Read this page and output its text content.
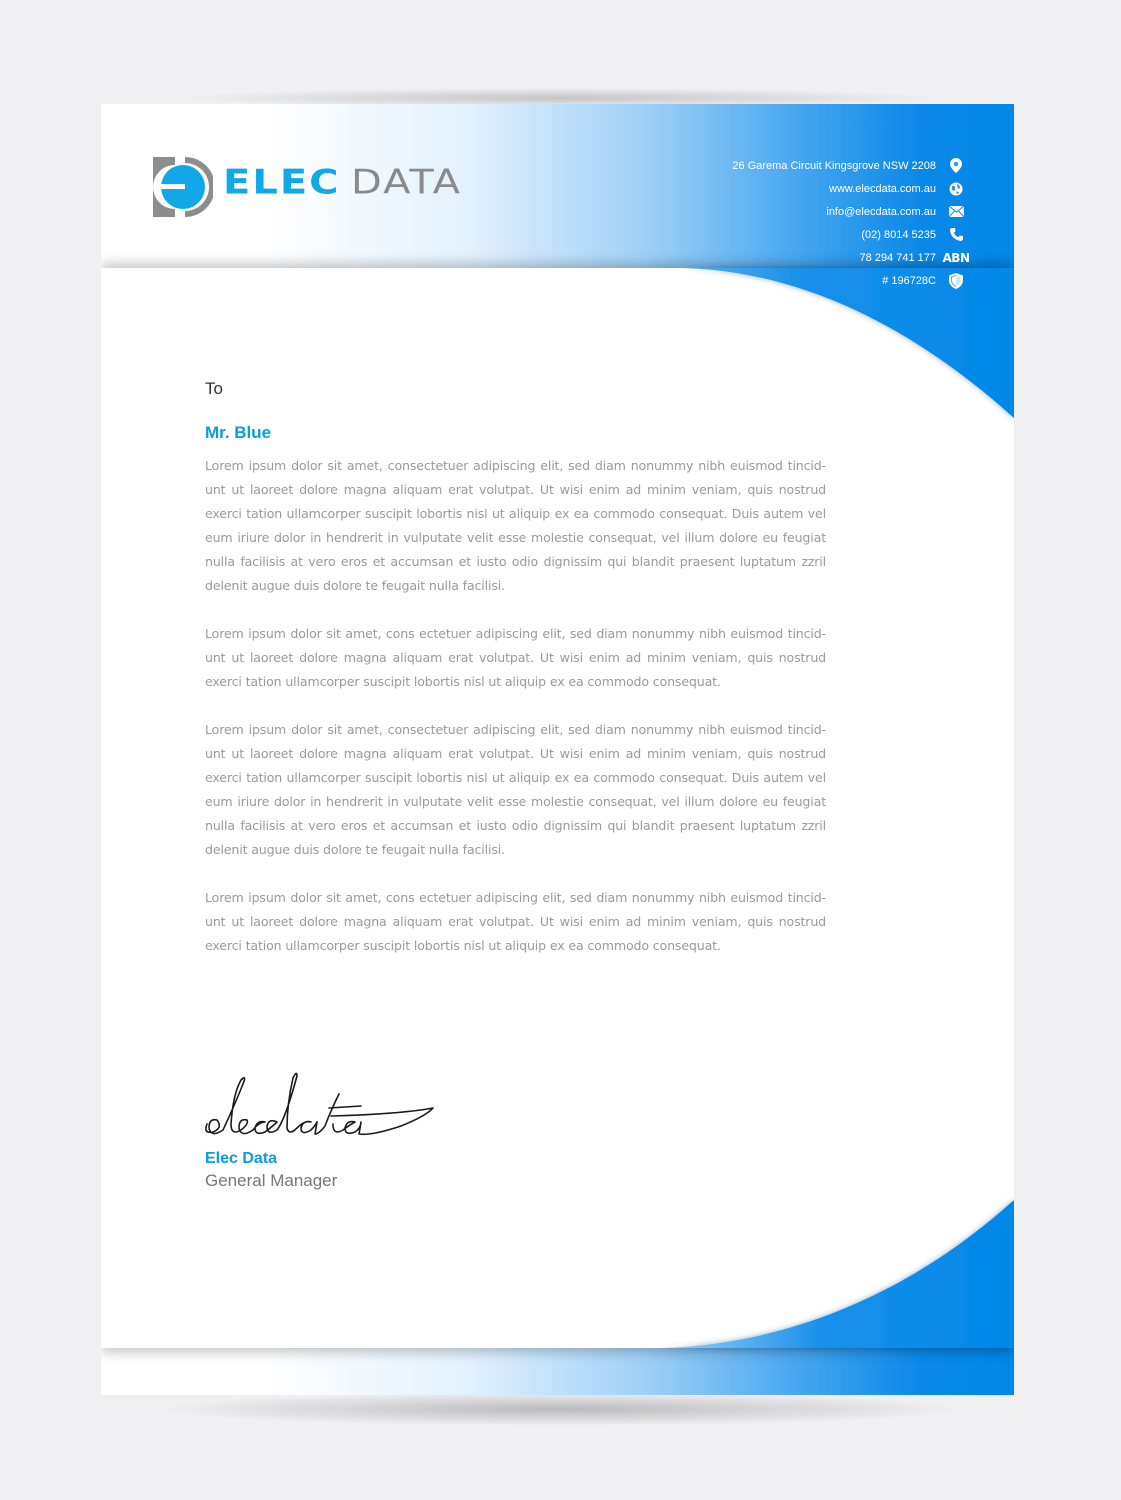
ELEC DATA	26 Garema Circuit Kingsgrove NSW 2208
www.elecdata.com.au
info@elecdata.com.au
(02) 8014 5235
78 294 741 177 ABN
# 196728C
To
Mr. Blue

Lorem ipsum dolor sit amet, consectetuer adipiscing elit, sed diam nonummy nibh euismod tincid-unt ut laoreet dolore magna aliquam erat volutpat. Ut wisi enim ad minim veniam, quis nostrud exerci tation ullamcorper suscipit lobortis nisl ut aliquip ex ea commodo consequat. Duis autem vel eum iriure dolor in hendrerit in vulputate velit esse molestie consequat, vel illum dolore eu feugiat nulla facilisis at vero eros et accumsan et iusto odio dignissim qui blandit praesent luptatum zzril delenit augue duis dolore te feugait nulla facilisi.

Lorem ipsum dolor sit amet, cons ectetuer adipiscing elit, sed diam nonummy nibh euismod tincid-unt ut laoreet dolore magna aliquam erat volutpat. Ut wisi enim ad minim veniam, quis nostrud exerci tation ullamcorper suscipit lobortis nisl ut aliquip ex ea commodo consequat.

Lorem ipsum dolor sit amet, consectetuer adipiscing elit, sed diam nonummy nibh euismod tincid-unt ut laoreet dolore magna aliquam erat volutpat. Ut wisi enim ad minim veniam, quis nostrud exerci tation ullamcorper suscipit lobortis nisl ut aliquip ex ea commodo consequat. Duis autem vel eum iriure dolor in hendrerit in vulputate velit esse molestie consequat, vel illum dolore eu feugiat nulla facilisis at vero eros et accumsan et iusto odio dignissim qui blandit praesent luptatum zzril delenit augue duis dolore te feugait nulla facilisi.

Lorem ipsum dolor sit amet, cons ectetuer adipiscing elit, sed diam nonummy nibh euismod tincid-unt ut laoreet dolore magna aliquam erat volutpat. Ut wisi enim ad minim veniam, quis nostrud exerci tation ullamcorper suscipit lobortis nisl ut aliquip ex ea commodo consequat.

Elec Data
General Manager
